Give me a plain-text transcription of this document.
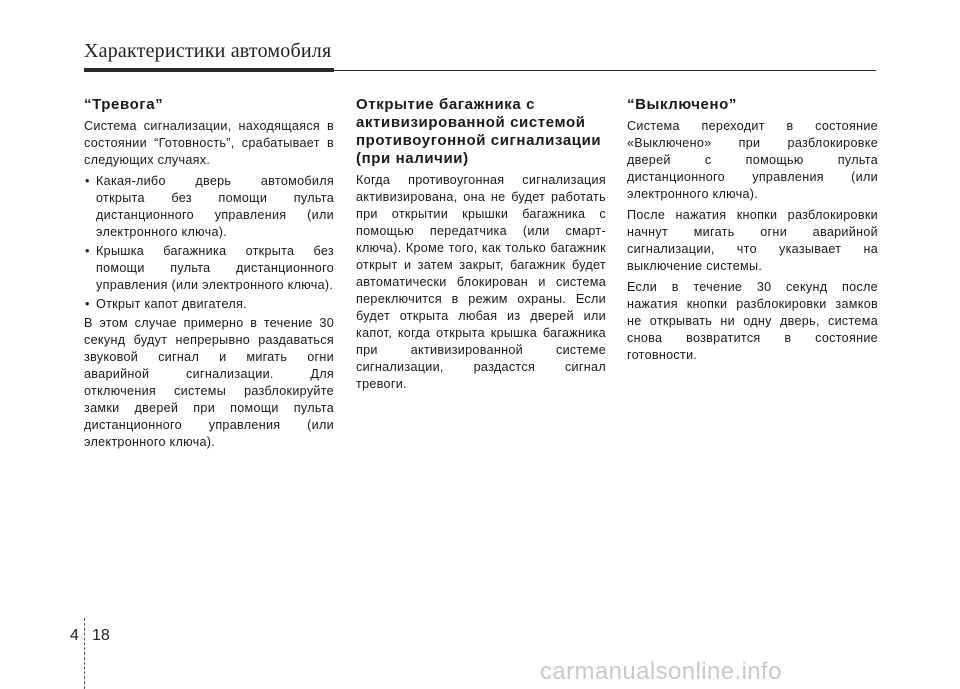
Характеристики автомобиля
“Тревога”

Система сигнализации, находящаяся в состоянии “Готовность”, срабатывает в следующих случаях.

• Какая-либо дверь автомобиля открыта без помощи пульта дистанционного управления (или электронного ключа).
• Крышка багажника открыта без помощи пульта дистанционного управления (или электронного ключа).
• Открыт капот двигателя.

В этом случае примерно в течение 30 секунд будут непрерывно раздаваться звуковой сигнал и мигать огни аварийной сигнализации. Для отключения системы разблокируйте замки дверей при помощи пульта дистанционного управления (или электронного ключа).

Открытие багажника с активизированной системой противоугонной сигнализации (при наличии)

Когда противоугонная сигнализация активизирована, она не будет работать при открытии крышки багажника с помощью передатчика (или смарт-ключа). Кроме того, как только багажник открыт и затем закрыт, багажник будет автоматически блокирован и система переключится в режим охраны. Если будет открыта любая из дверей или капот, когда открыта крышка багажника при активизированной системе сигнализации, раздастся сигнал тревоги.

“Выключено”

Система переходит в состояние «Выключено» при разблокировке дверей с помощью пульта дистанционного управления (или электронного ключа).

После нажатия кнопки разблокировки начнут мигать огни аварийной сигнализации, что указывает на выключение системы.

Если в течение 30 секунд после нажатия кнопки разблокировки замков не открывать ни одну дверь, система снова возвратится в состояние готовности.

4 18
carmanualsonline.info
